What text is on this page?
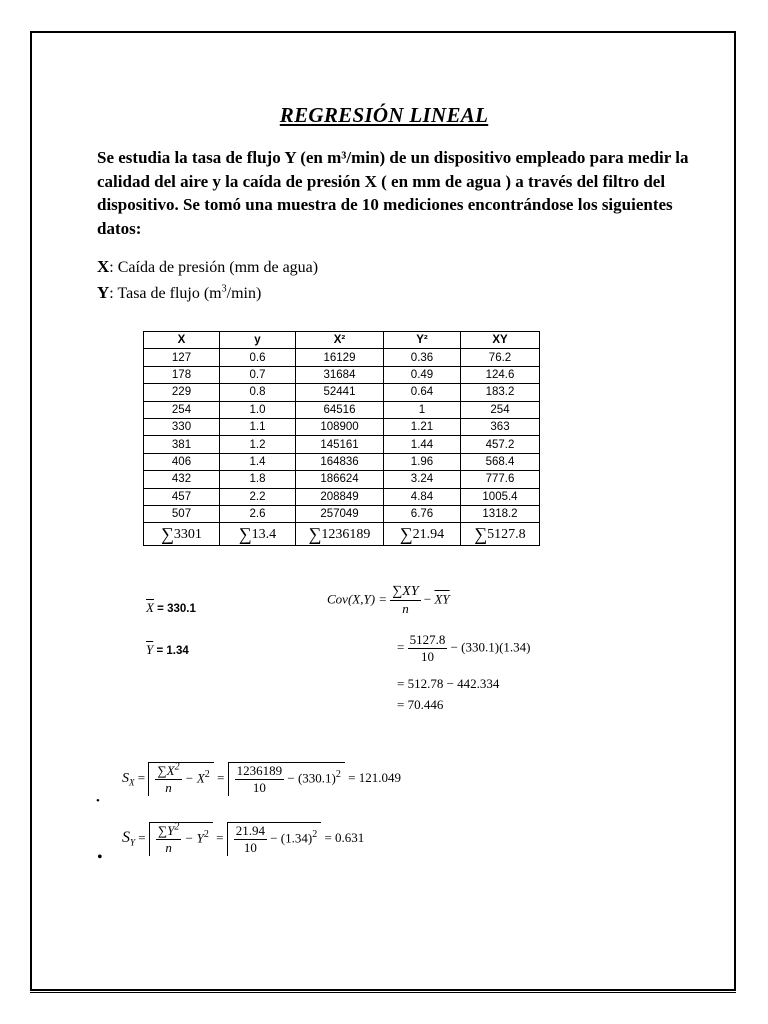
REGRESIÓN LINEAL
Se estudia la tasa de flujo Y (en m³/min) de un dispositivo empleado para medir la calidad del aire y la caída de presión X ( en mm de agua ) a través del filtro del dispositivo. Se tomó una muestra de 10 mediciones encontrándose los siguientes datos:
X: Caída de presión (mm de agua)
Y: Tasa de flujo $(m^3/\min)$
X	y	X²	Y²	XY
127	0.6	16129	0.36	76.2
178	0.7	31684	0.49	124.6
229	0.8	52441	0.64	183.2
254	1.0	64516	1	254
330	1.1	108900	1.21	363
381	1.2	145161	1.44	457.2
406	1.4	164836	1.96	568.4
432	1.8	186624	3.24	777.6
457	2.2	208849	4.84	1005.4
507	2.6	257049	6.76	1318.2
∑3301	∑13.4	∑1236189	∑21.94	∑5127.8
$\overline{X} = 330.1$
$\overline{Y} = 1.34$
$Cov(X,Y) = \frac{\sum XY}{n} - \overline{XY}$
= $\frac{5127.8}{10} - (330.1)(1.34)$
= 512.78 − 442.334
= 70.446
•
$S_X = \frac{\sum X^2}{n} - X^2 = \frac{1236189}{10} - (330.1)^2 = 121.049$
•
$S_Y = \frac{\sum Y^2}{n} - Y^2 = \frac{21.94}{10} - (1.34)^2 = 0.631$
